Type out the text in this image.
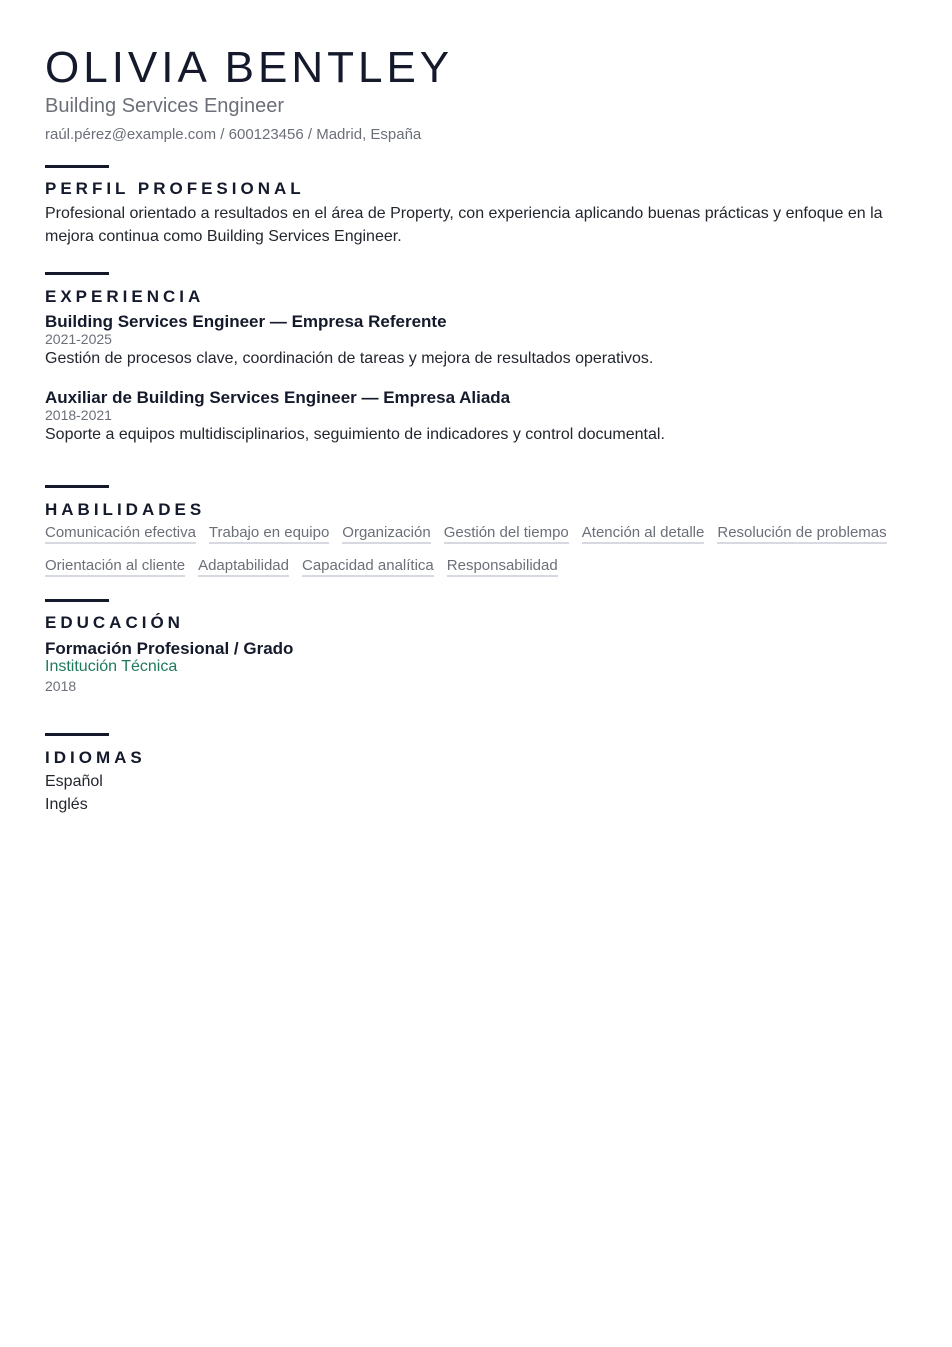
OLIVIA BENTLEY
Building Services Engineer
raúl.pérez@example.com / 600123456 / Madrid, España
PERFIL PROFESIONAL
Profesional orientado a resultados en el área de Property, con experiencia aplicando buenas prácticas y enfoque en la mejora continua como Building Services Engineer.
EXPERIENCIA
Building Services Engineer — Empresa Referente
2021-2025
Gestión de procesos clave, coordinación de tareas y mejora de resultados operativos.
Auxiliar de Building Services Engineer — Empresa Aliada
2018-2021
Soporte a equipos multidisciplinarios, seguimiento de indicadores y control documental.
HABILIDADES
Comunicación efectiva Trabajo en equipo Organización Gestión del tiempo Atención al detalle Resolución de problemas
Orientación al cliente Adaptabilidad Capacidad analítica Responsabilidad
EDUCACIÓN
Formación Profesional / Grado
Institución Técnica
2018
IDIOMAS
Español
Inglés
